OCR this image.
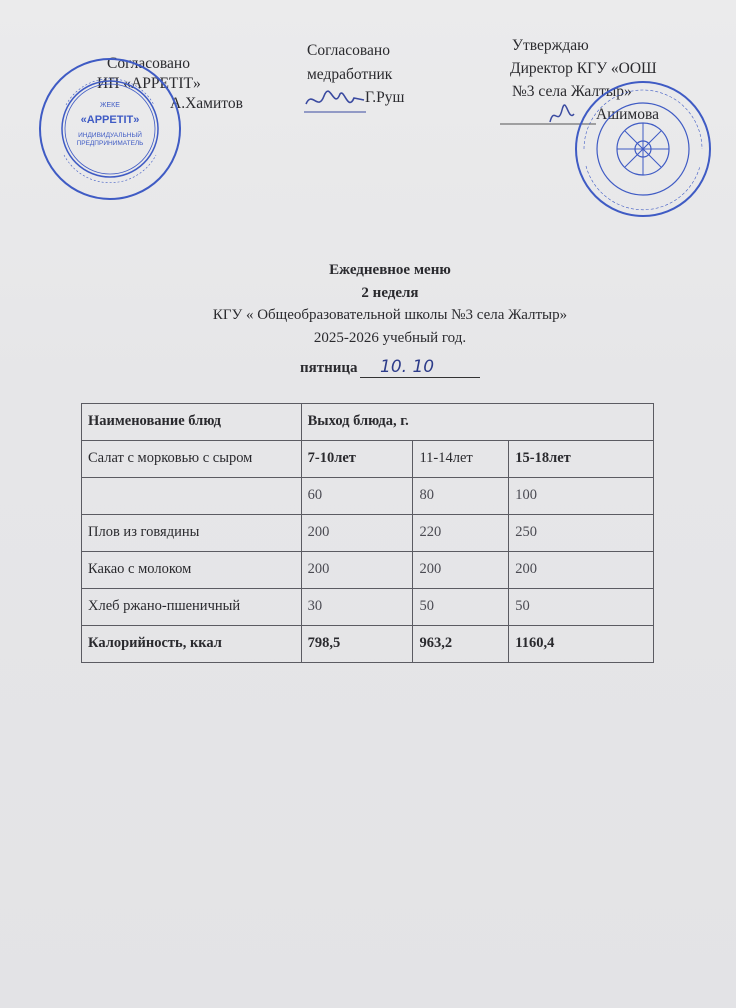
Согласовано
ИП «APPETIT»
А.Хамитов
Согласовано
медработник
Г.Руш
Утверждаю
Директор КГУ «ООШ
№3 села Жалтыр»
Ашимова
«APPETIT»
ИНДИВИДУАЛЬНЫЙ
ПРЕДПРИНИМАТЕЛЬ
ЖЕКЕ
Ежедневное меню
2 неделя
КГУ « Общеобразовательной школы №3 села Жалтыр»
2025-2026 учебный год.
пятница 10. 10
Наименование блюд	Выход блюда, г.		
Салат с морковью с сыром	7-10лет	11-14лет	15-18лет
	60	80	100
Плов из говядины	200	220	250
Какао с молоком	200	200	200
Хлеб ржано-пшеничный	30	50	50
Калорийность, ккал	798,5	963,2	1160,4
